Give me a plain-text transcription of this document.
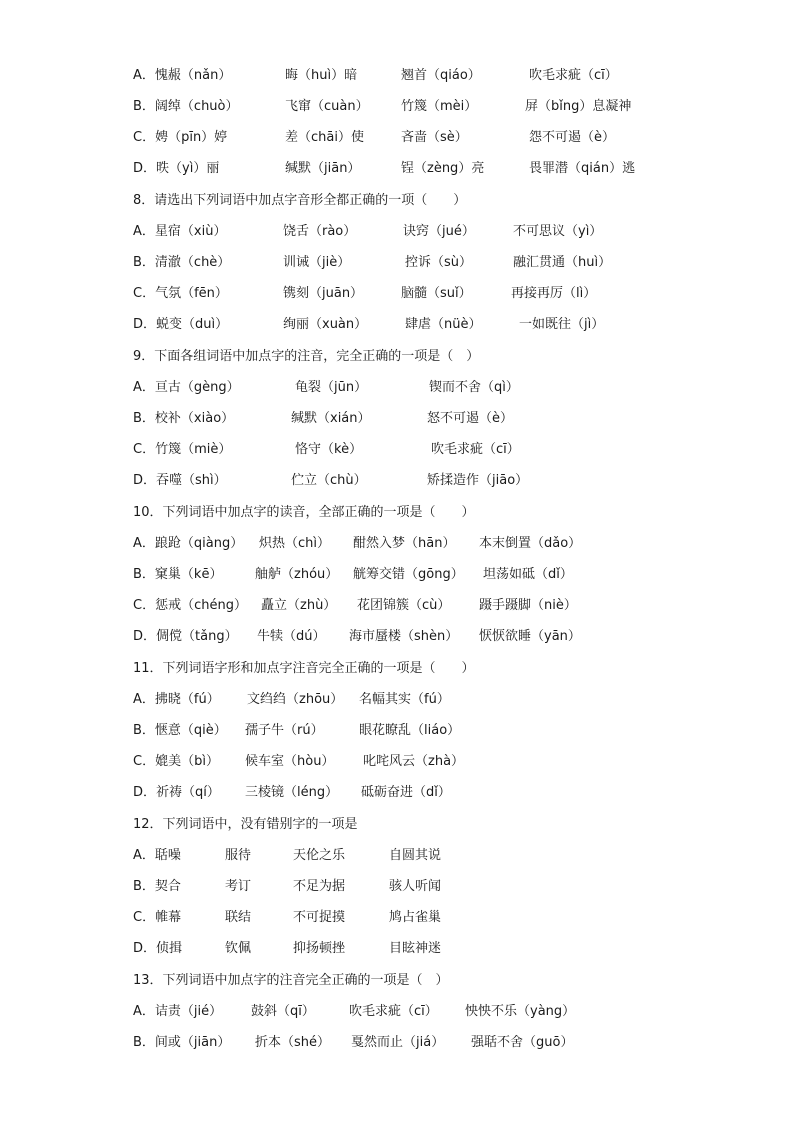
A．愧赧（nǎn）	晦（huì）暗	翘首（qiáo）	吹毛求疵（cī）
B．阔绰（chuò）	飞窜（cuàn） 竹篾（mèi）	屏（bǐng）息凝神
C．娉（pīn）婷	差（chāi）使	吝啬（sè）	怨不可遏（è）
D．昳（yì）丽	缄默（jiān）	锃（zèng）亮	畏罪潜（qián）逃
8．请选出下列词语中加点字音形全都正确的一项（　　）
A．星宿（xiù）	饶舌（rào）	诀窍（jué）	不可思议（yì）
B．清澈（chè）	训诫（jiè）	控诉（sù）	融汇贯通（huì）
C．气氛（fēn）	镌刻（juān）	脑髓（suǐ）	再接再厉（lì）
D．蜕变（duì）	绚丽（xuàn）	肆虐（nüè）	一如既往（jì）
9．下面各组词语中加点字的注音，完全正确的一项是（　）
A．亘古（gèng）	龟裂（jūn）	锲而不舍（qì）
B．校补（xiào）	缄默（xián）	怒不可遏（è）
C．竹篾（miè）	恪守（kè）	吹毛求疵（cī）
D．吞噬（shì）	伫立（chù）	矫揉造作（jiāo）
10．下列词语中加点字的读音，全部正确的一项是（　　）
A．踉跄（qiàng） 炽热（chì） 酣然入梦（hān） 本末倒置（dǎo）
B．窠巢（kē）	舳舻（zhóu） 觥筹交错（gōng） 坦荡如砥（dǐ）
C．惩戒（chéng） 矗立（zhù） 花团锦簇（cù） 蹑手蹑脚（niè）
D．倜傥（tǎng） 牛犊（dú） 海市蜃楼（shèn） 恹恹欲睡（yān）
11．下列词语字形和加点字注音完全正确的一项是（　　）
A．拂晓（fú） 文绉绉（zhōu） 名幅其实（fú）
B．惬意（qiè） 孺子牛（rú）	眼花瞭乱（liáo）
C．媲美（bì） 候车室（hòu） 叱咤风云（zhà）
D．祈祷（qí） 三棱镜（léng） 砥砺奋进（dǐ）
12．下列词语中，没有错别字的一项是
A．聒噪	服待	天伦之乐	自圆其说
B．契合	考订	不足为据	骇人听闻
C．帷幕	联结	不可捉摸	鸠占雀巢
D．侦揖	钦佩	抑扬顿挫	目眩神迷
13．下列词语中加点字的注音完全正确的一项是（　）
A．诘责（jié） 鼓斜（qī）	吹毛求疵（cī） 怏怏不乐（yàng）
B．间或（jiān） 折本（shé） 戛然而止（jiá） 强聒不舍（guō）
